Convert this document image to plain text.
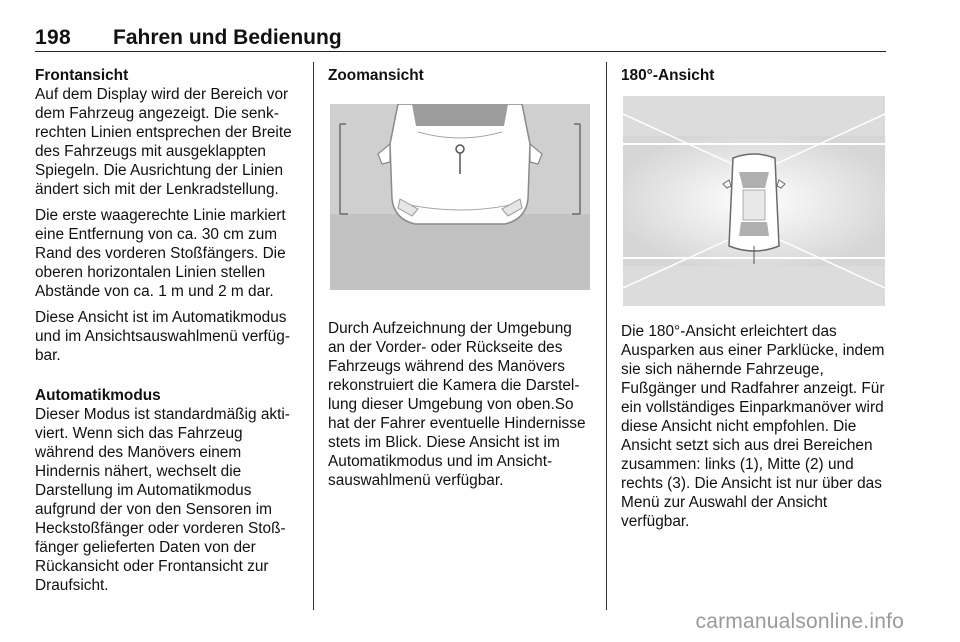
198 Fahren und Bedienung
Frontansicht

Auf dem Display wird der Bereich vor dem Fahrzeug angezeigt. Die senkrechten Linien entsprechen der Breite des Fahrzeugs mit ausgeklappten Spiegeln. Die Ausrichtung der Linien ändert sich mit der Lenkradstellung.

Die erste waagerechte Linie markiert eine Entfernung von ca. 30 cm zum Rand des vorderen Stoßfängers. Die oberen horizontalen Linien stellen Abstände von ca. 1 m und 2 m dar.

Diese Ansicht ist im Automatikmodus und im Ansichtsauswahlmenü verfügbar.

Automatikmodus

Dieser Modus ist standardmäßig aktiviert. Wenn sich das Fahrzeug während des Manövers einem Hindernis nähert, wechselt die Darstellung im Automatikmodus aufgrund der von den Sensoren im Heckstoßfänger oder vorderen Stoßfänger gelieferten Daten von der Rückansicht oder Frontansicht zur Draufsicht.

Zoomansicht

Durch Aufzeichnung der Umgebung an der Vorder- oder Rückseite des Fahrzeugs während des Manövers rekonstruiert die Kamera die Darstellung dieser Umgebung von oben.So hat der Fahrer eventuelle Hindernisse stets im Blick. Diese Ansicht ist im Automatikmodus und im Ansichtsauswahlmenü verfügbar.

180°-Ansicht

Die 180°-Ansicht erleichtert das Ausparken aus einer Parklücke, indem sie sich nähernde Fahrzeuge, Fußgänger und Radfahrer anzeigt. Für ein vollständiges Einparkmanöver wird diese Ansicht nicht empfohlen. Die Ansicht setzt sich aus drei Bereichen zusammen: links (1), Mitte (2) und rechts (3). Die Ansicht ist nur über das Menü zur Auswahl der Ansicht verfügbar.

carmanualsonline.info
